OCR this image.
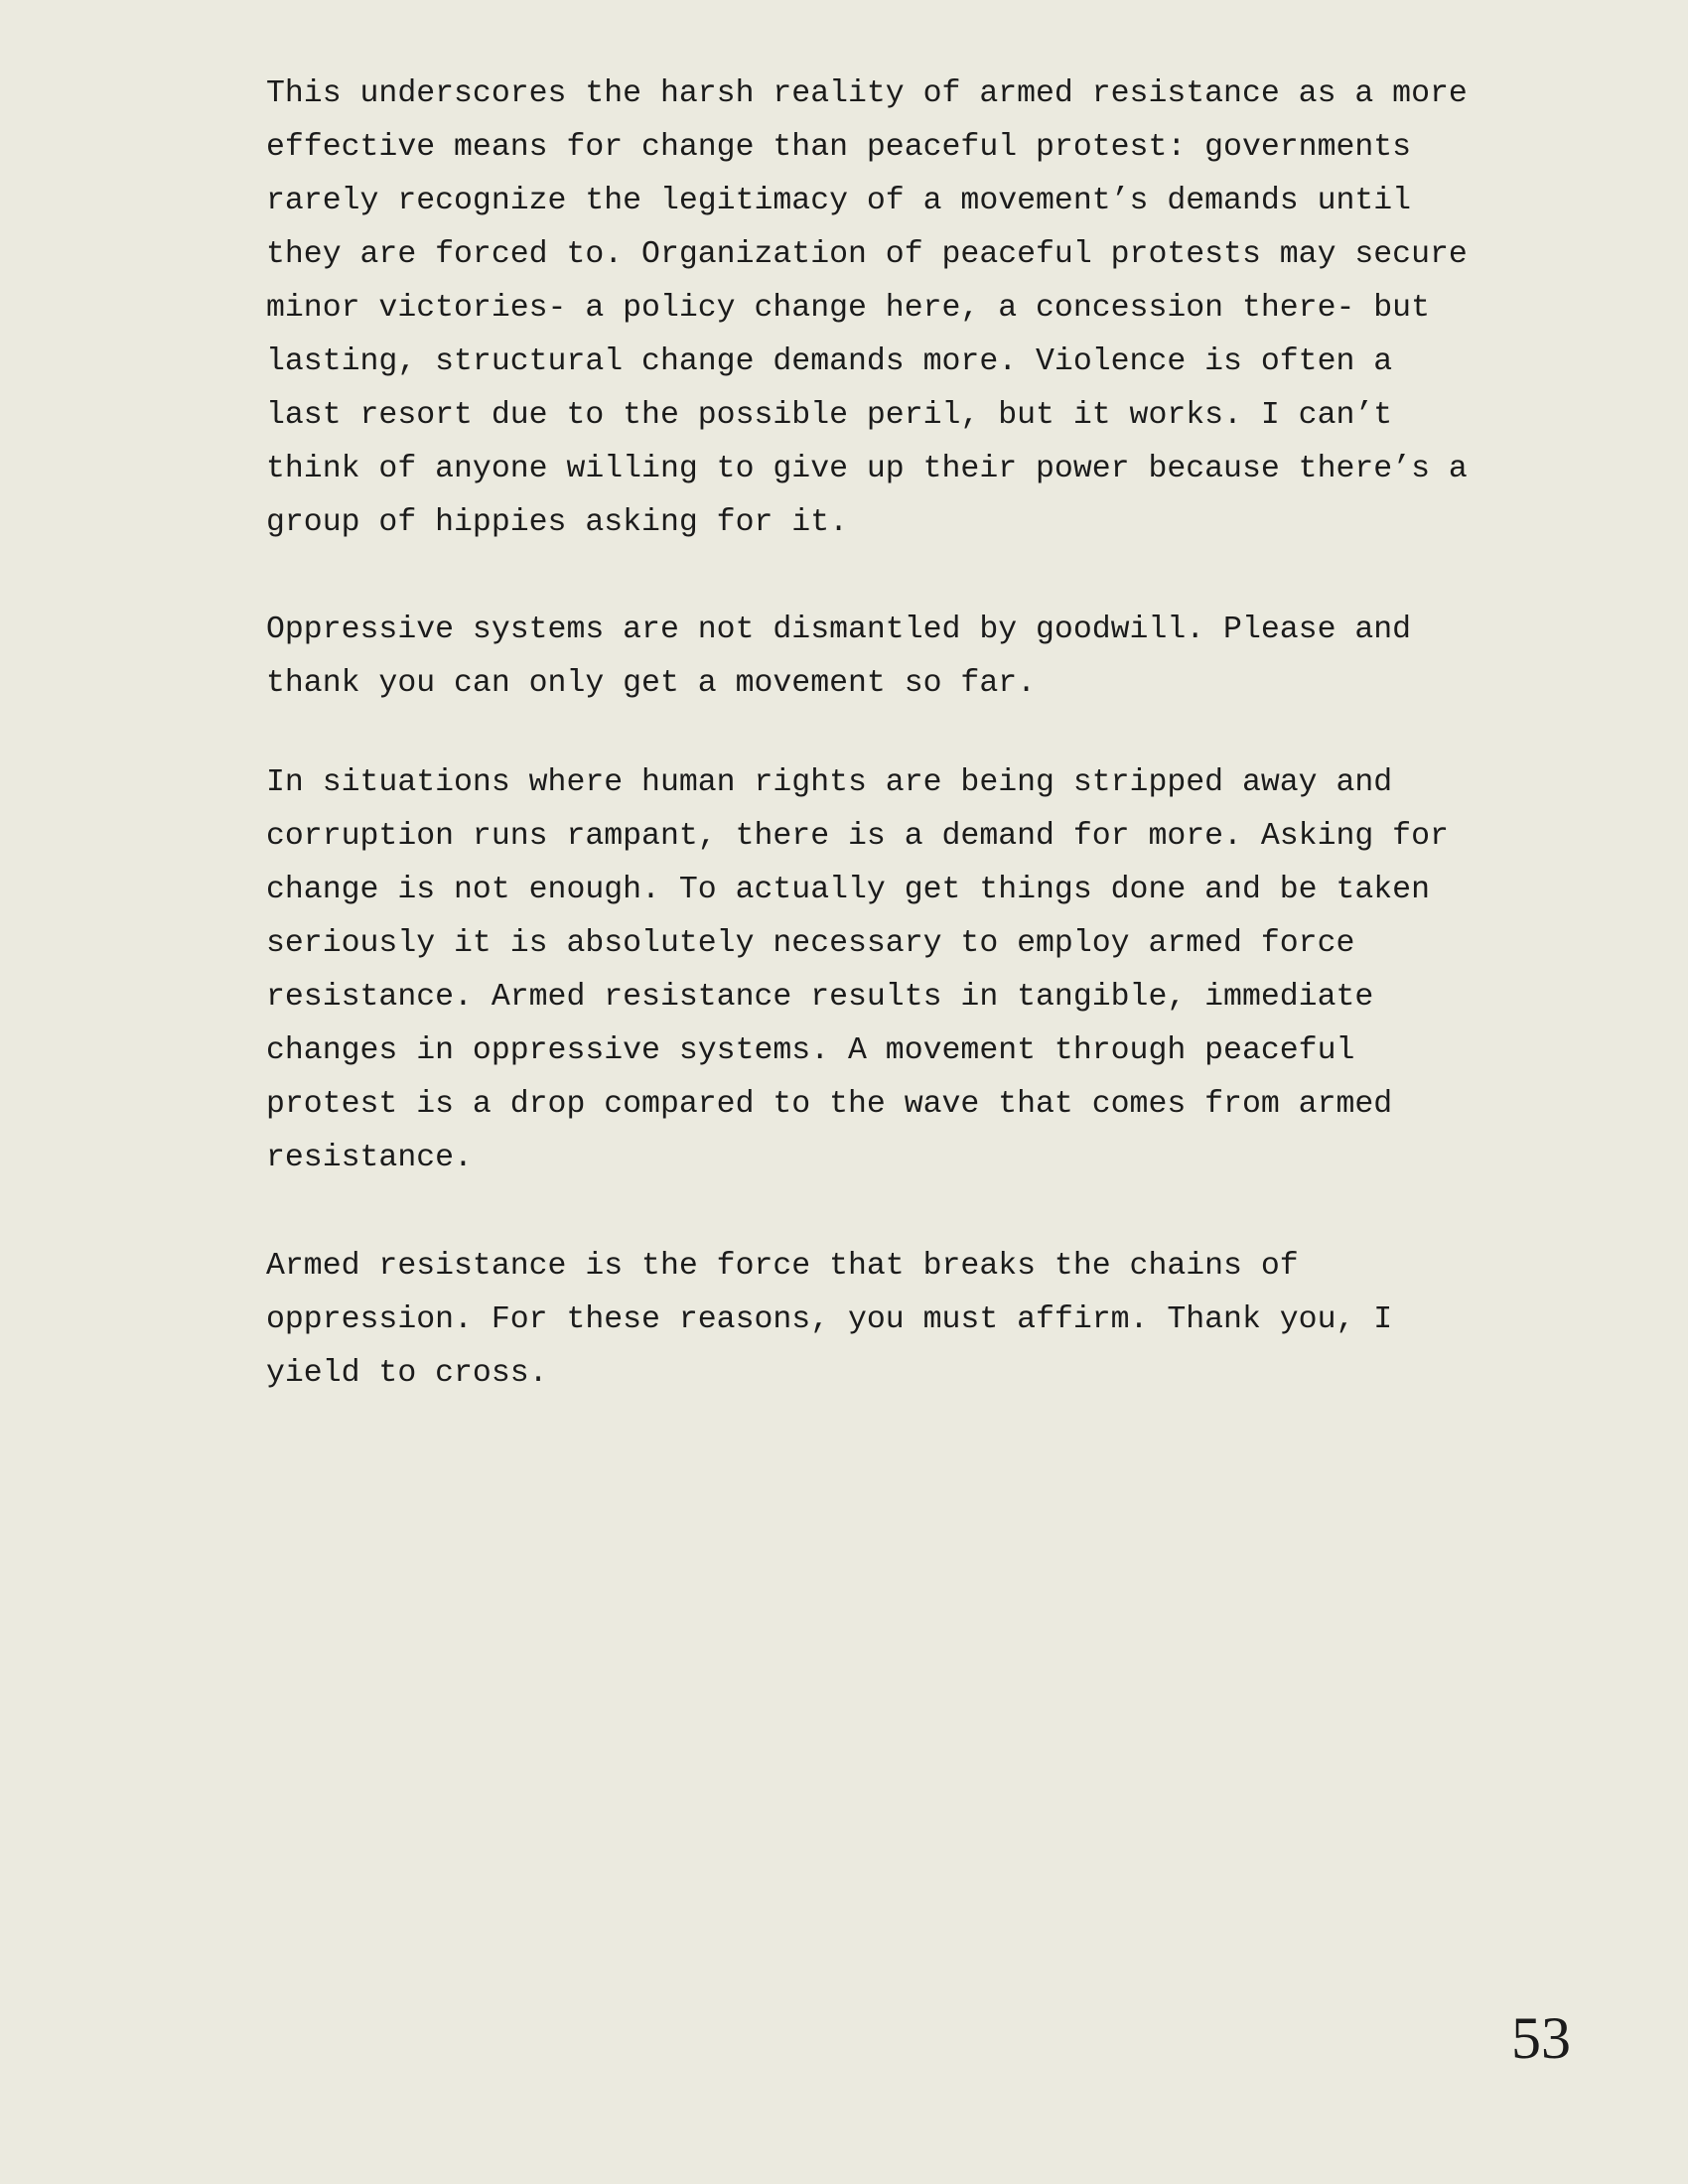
This underscores the harsh reality of armed resistance as a more
effective means for change than peaceful protest: governments
rarely recognize the legitimacy of a movement’s demands until
they are forced to. Organization of peaceful protests may secure
minor victories- a policy change here, a concession there- but
lasting, structural change demands more. Violence is often a
last resort due to the possible peril, but it works. I can’t
think of anyone willing to give up their power because there’s a
group of hippies asking for it.
Oppressive systems are not dismantled by goodwill. Please and
thank you can only get a movement so far.
In situations where human rights are being stripped away and
corruption runs rampant, there is a demand for more. Asking for
change is not enough. To actually get things done and be taken
seriously it is absolutely necessary to employ armed force
resistance. Armed resistance results in tangible, immediate
changes in oppressive systems. A movement through peaceful
protest is a drop compared to the wave that comes from armed
resistance.
Armed resistance is the force that breaks the chains of
oppression. For these reasons, you must affirm. Thank you, I
yield to cross.
53
